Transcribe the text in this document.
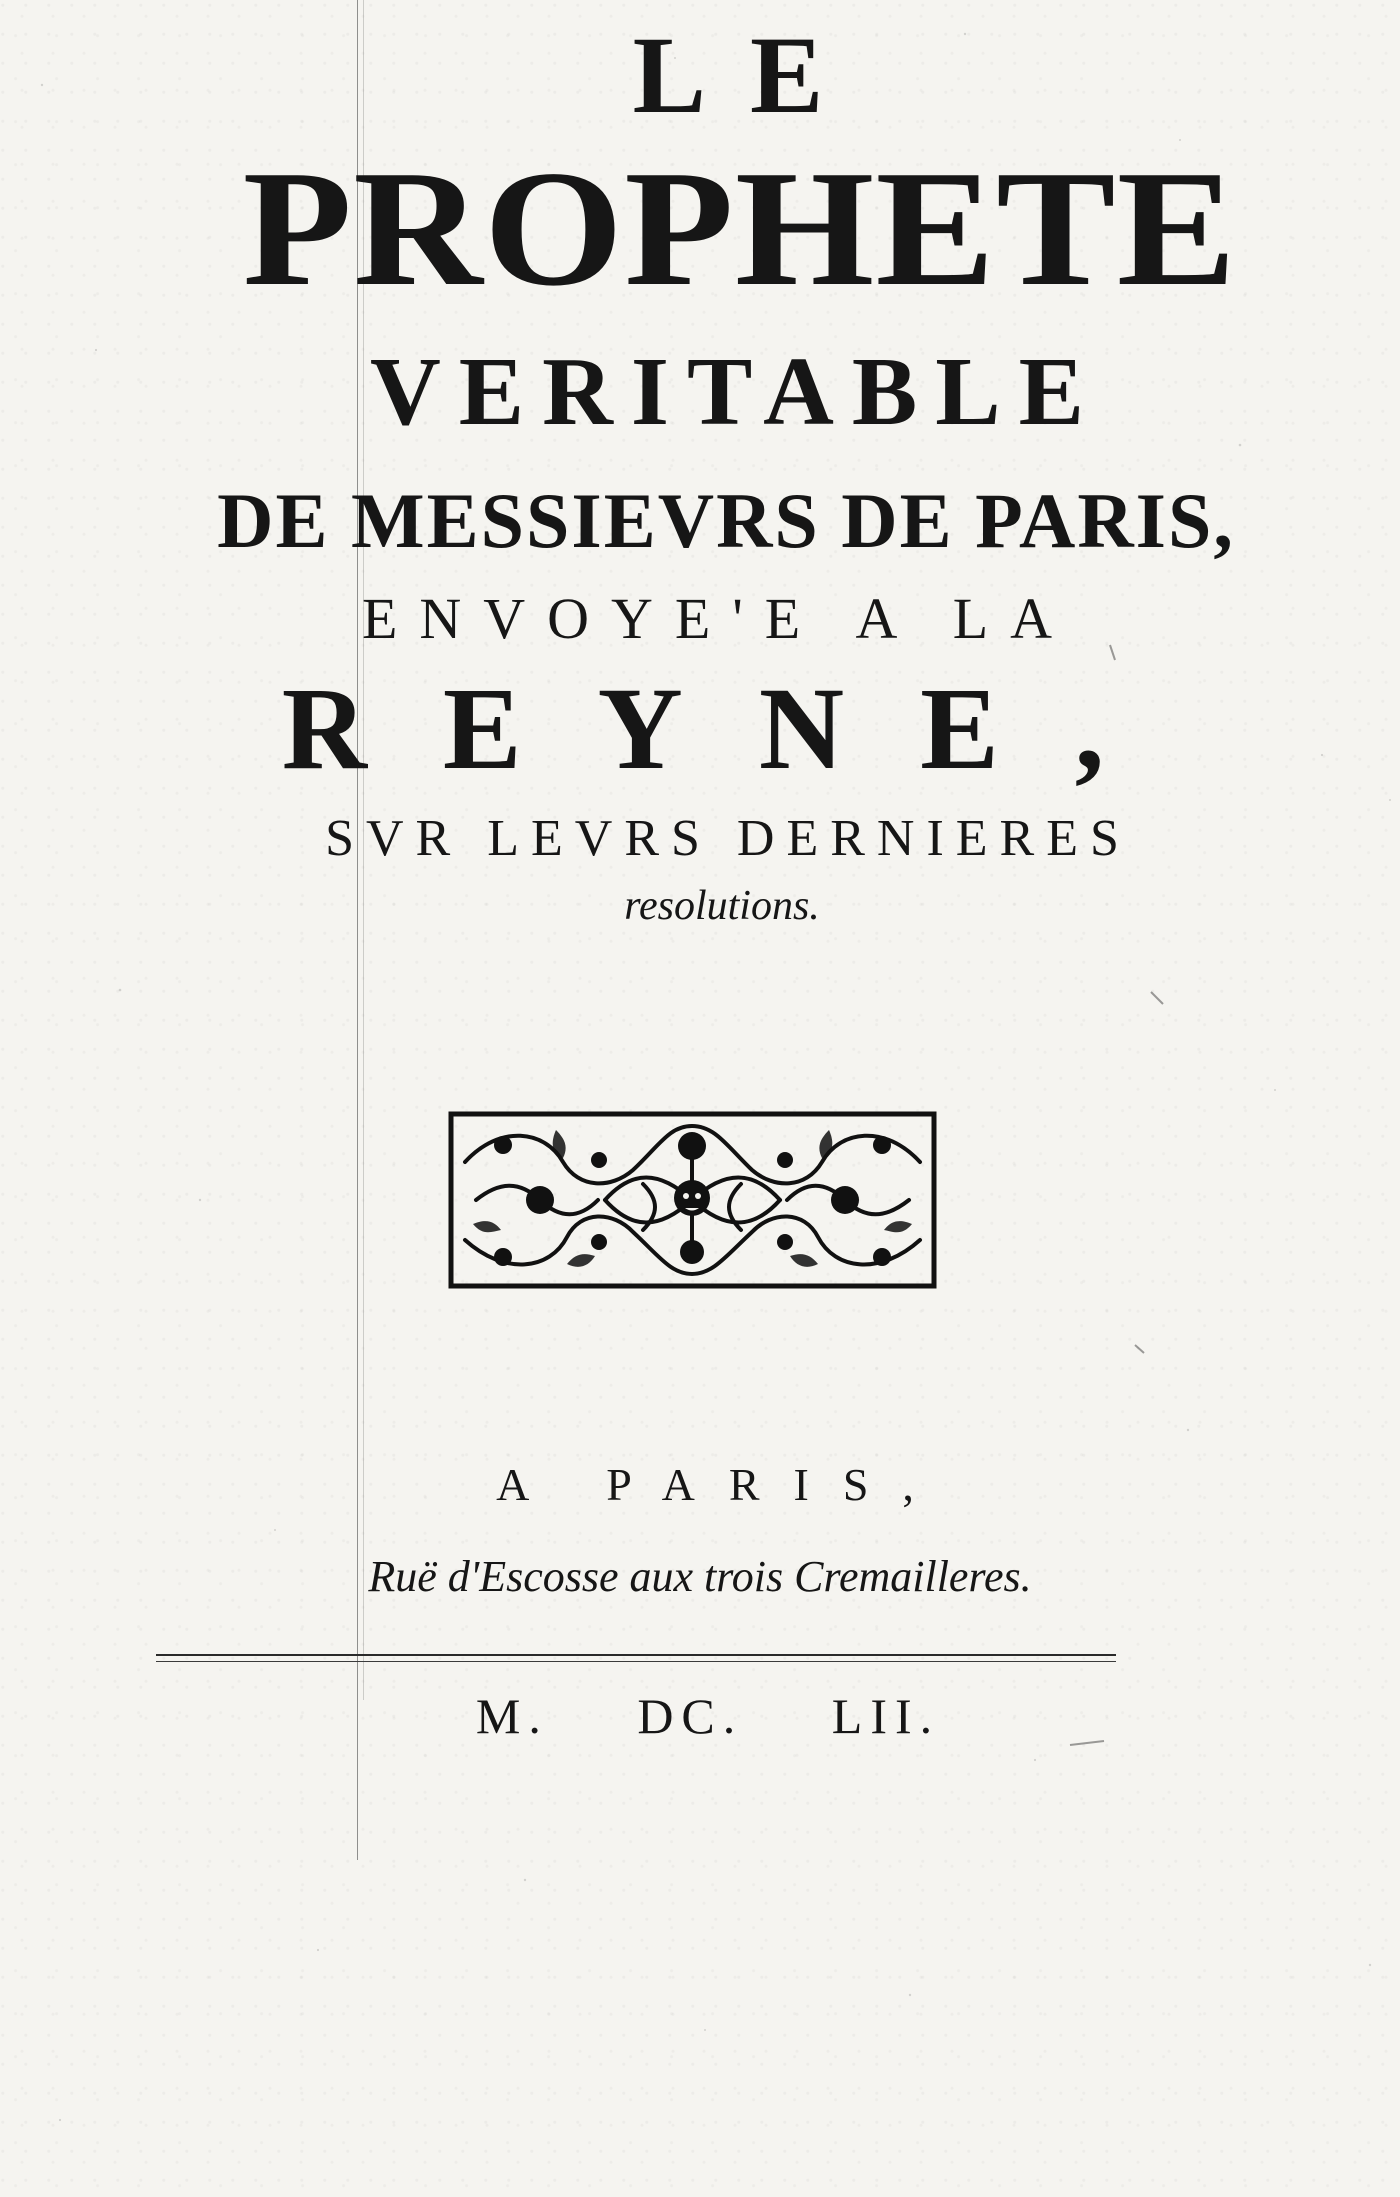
LE
PROPHETE
VERITABLE
DE MESSIEVRS DE PARIS,
ENVOYE'E A LA
REYNE,
SVR LEVRS DERNIERES
resolutions.
A PARIS,
Ruë d'Escosse aux trois Cremailleres.
M. DC. LII.
